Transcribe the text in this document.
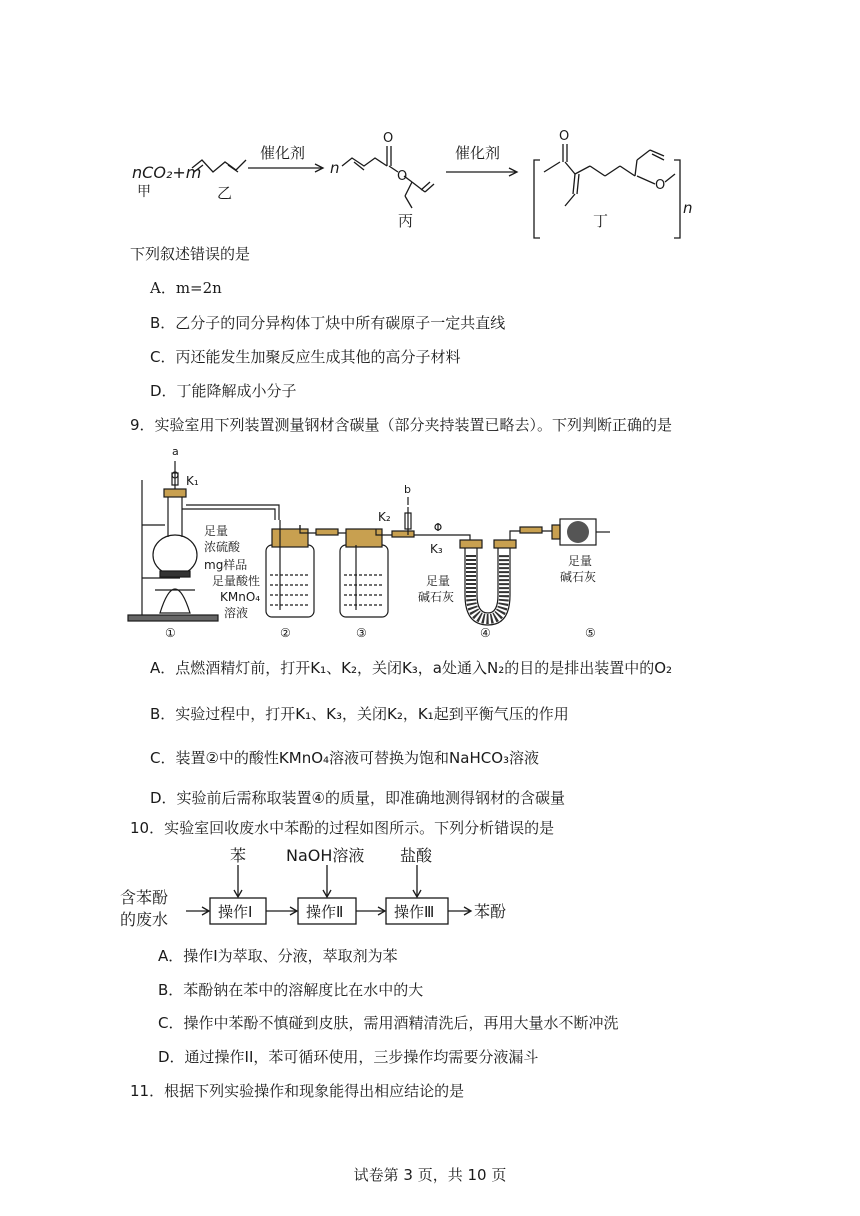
nCO₂+m
甲	乙
催化剂
n
O
O
丙
催化剂
O
O
丁
n
下列叙述错误的是
A．m=2n
B．乙分子的同分异构体丁炔中所有碳原子一定共直线
C．丙还能发生加聚反应生成其他的高分子材料
D．丁能降解成小分子
9．实验室用下列装置测量钢材含碳量（部分夹持装置已略去）。下列判断正确的是
a
K₁
K₂
b
K₃
足量
浓硫酸
mg样品
足量酸性
KMnO₄
溶液
足量
碱石灰
足量
碱石灰
①	②	③	④	⑤
A．点燃酒精灯前，打开K₁、K₂，关闭K₃，a处通入N₂的目的是排出装置中的O₂
B．实验过程中，打开K₁、K₃，关闭K₂，K₁起到平衡气压的作用
C．装置②中的酸性KMnO₄溶液可替换为饱和NaHCO₃溶液
D．实验前后需称取装置④的质量，即准确地测得钢材的含碳量
10．实验室回收废水中苯酚的过程如图所示。下列分析错误的是
含苯酚
的废水
苯 NaOH溶液 盐酸
操作I	操作Ⅱ	操作Ⅲ 苯酚
A．操作I为萃取、分液，萃取剂为苯
B．苯酚钠在苯中的溶解度比在水中的大
C．操作中苯酚不慎碰到皮肤，需用酒精清洗后，再用大量水不断冲洗
D．通过操作II，苯可循环使用，三步操作均需要分液漏斗
11．根据下列实验操作和现象能得出相应结论的是
试卷第 3 页，共 10 页
